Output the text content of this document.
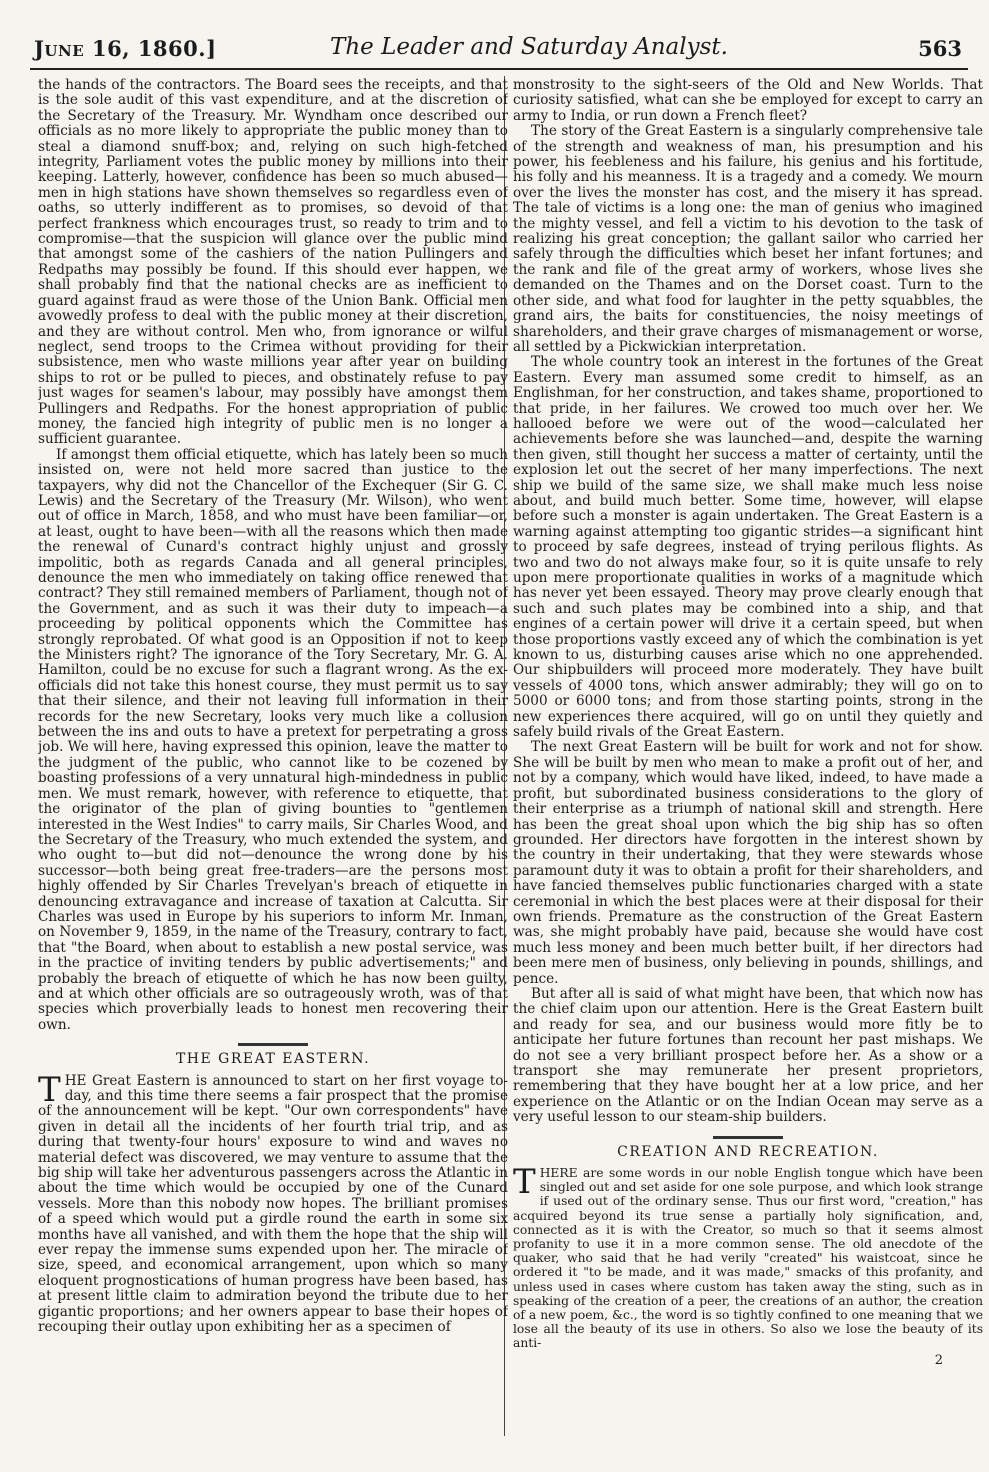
June 16, 1860.]	The Leader and Saturday Analyst.	563

the hands of the contractors. The Board sees the receipts, and that is the sole audit of this vast expenditure, and at the discretion of the Secretary of the Treasury. Mr. Wyndham once described our officials as no more likely to appropriate the public money than to steal a diamond snuff-box; and, relying on such high-fetched integrity, Parliament votes the public money by millions into their keeping. Latterly, however, confidence has been so much abused—men in high stations have shown themselves so regardless even of oaths, so utterly indifferent as to promises, so devoid of that perfect frankness which encourages trust, so ready to trim and to compromise—that the suspicion will glance over the public mind that amongst some of the cashiers of the nation Pullingers and Redpaths may possibly be found. If this should ever happen, we shall probably find that the national checks are as inefficient to guard against fraud as were those of the Union Bank. Official men avowedly profess to deal with the public money at their discretion, and they are without control. Men who, from ignorance or wilful neglect, send troops to the Crimea without providing for their subsistence, men who waste millions year after year on building ships to rot or be pulled to pieces, and obstinately refuse to pay just wages for seamen's labour, may possibly have amongst them Pullingers and Redpaths. For the honest appropriation of public money, the fancied high integrity of public men is no longer a sufficient guarantee.

If amongst them official etiquette, which has lately been so much insisted on, were not held more sacred than justice to the taxpayers, why did not the Chancellor of the Exchequer (Sir G. C. Lewis) and the Secretary of the Treasury (Mr. Wilson), who went out of office in March, 1858, and who must have been familiar—or, at least, ought to have been—with all the reasons which then made the renewal of Cunard's contract highly unjust and grossly impolitic, both as regards Canada and all general principles, denounce the men who immediately on taking office renewed that contract? They still remained members of Parliament, though not of the Government, and as such it was their duty to impeach—a proceeding by political opponents which the Committee has strongly reprobated. Of what good is an Opposition if not to keep the Ministers right? The ignorance of the Tory Secretary, Mr. G. A. Hamilton, could be no excuse for such a flagrant wrong. As the ex-officials did not take this honest course, they must permit us to say that their silence, and their not leaving full information in their records for the new Secretary, looks very much like a collusion between the ins and outs to have a pretext for perpetrating a gross job. We will here, having expressed this opinion, leave the matter to the judgment of the public, who cannot like to be cozened by boasting professions of a very unnatural high-mindedness in public men. We must remark, however, with reference to etiquette, that the originator of the plan of giving bounties to "gentlemen interested in the West Indies" to carry mails, Sir Charles Wood, and the Secretary of the Treasury, who much extended the system, and who ought to—but did not—denounce the wrong done by his successor—both being great free-traders—are the persons most highly offended by Sir Charles Trevelyan's breach of etiquette in denouncing extravagance and increase of taxation at Calcutta. Sir Charles was used in Europe by his superiors to inform Mr. Inman, on November 9, 1859, in the name of the Treasury, contrary to fact, that "the Board, when about to establish a new postal service, was in the practice of inviting tenders by public advertisements;" and probably the breach of etiquette of which he has now been guilty, and at which other officials are so outrageously wroth, was of that species which proverbially leads to honest men recovering their own.

THE GREAT EASTERN.

THE Great Eastern is announced to start on her first voyage to-day, and this time there seems a fair prospect that the promise of the announcement will be kept. "Our own correspondents" have given in detail all the incidents of her fourth trial trip, and as during that twenty-four hours' exposure to wind and waves no material defect was discovered, we may venture to assume that the big ship will take her adventurous passengers across the Atlantic in about the time which would be occupied by one of the Cunard vessels. More than this nobody now hopes. The brilliant promises of a speed which would put a girdle round the earth in some six months have all vanished, and with them the hope that the ship will ever repay the immense sums expended upon her. The miracle of size, speed, and economical arrangement, upon which so many eloquent prognostications of human progress have been based, has at present little claim to admiration beyond the tribute due to her gigantic proportions; and her owners appear to base their hopes of recouping their outlay upon exhibiting her as a specimen of

monstrosity to the sight-seers of the Old and New Worlds. That curiosity satisfied, what can she be employed for except to carry an army to India, or run down a French fleet?

The story of the Great Eastern is a singularly comprehensive tale of the strength and weakness of man, his presumption and his power, his feebleness and his failure, his genius and his fortitude, his folly and his meanness. It is a tragedy and a comedy. We mourn over the lives the monster has cost, and the misery it has spread. The tale of victims is a long one: the man of genius who imagined the mighty vessel, and fell a victim to his devotion to the task of realizing his great conception; the gallant sailor who carried her safely through the difficulties which beset her infant fortunes; and the rank and file of the great army of workers, whose lives she demanded on the Thames and on the Dorset coast. Turn to the other side, and what food for laughter in the petty squabbles, the grand airs, the baits for constituencies, the noisy meetings of shareholders, and their grave charges of mismanagement or worse, all settled by a Pickwickian interpretation.

The whole country took an interest in the fortunes of the Great Eastern. Every man assumed some credit to himself, as an Englishman, for her construction, and takes shame, proportioned to that pride, in her failures. We crowed too much over her. We hallooed before we were out of the wood—calculated her achievements before she was launched—and, despite the warning then given, still thought her success a matter of certainty, until the explosion let out the secret of her many imperfections. The next ship we build of the same size, we shall make much less noise about, and build much better. Some time, however, will elapse before such a monster is again undertaken. The Great Eastern is a warning against attempting too gigantic strides—a significant hint to proceed by safe degrees, instead of trying perilous flights. As two and two do not always make four, so it is quite unsafe to rely upon mere proportionate qualities in works of a magnitude which has never yet been essayed. Theory may prove clearly enough that such and such plates may be combined into a ship, and that engines of a certain power will drive it a certain speed, but when those proportions vastly exceed any of which the combination is yet known to us, disturbing causes arise which no one apprehended. Our shipbuilders will proceed more moderately. They have built vessels of 4000 tons, which answer admirably; they will go on to 5000 or 6000 tons; and from those starting points, strong in the new experiences there acquired, will go on until they quietly and safely build rivals of the Great Eastern.

The next Great Eastern will be built for work and not for show. She will be built by men who mean to make a profit out of her, and not by a company, which would have liked, indeed, to have made a profit, but subordinated business considerations to the glory of their enterprise as a triumph of national skill and strength. Here has been the great shoal upon which the big ship has so often grounded. Her directors have forgotten in the interest shown by the country in their undertaking, that they were stewards whose paramount duty it was to obtain a profit for their shareholders, and have fancied themselves public functionaries charged with a state ceremonial in which the best places were at their disposal for their own friends. Premature as the construction of the Great Eastern was, she might probably have paid, because she would have cost much less money and been much better built, if her directors had been mere men of business, only believing in pounds, shillings, and pence.

But after all is said of what might have been, that which now has the chief claim upon our attention. Here is the Great Eastern built and ready for sea, and our business would more fitly be to anticipate her future fortunes than recount her past mishaps. We do not see a very brilliant prospect before her. As a show or a transport she may remunerate her present proprietors, remembering that they have bought her at a low price, and her experience on the Atlantic or on the Indian Ocean may serve as a very useful lesson to our steam-ship builders.

CREATION AND RECREATION.

THERE are some words in our noble English tongue which have been singled out and set aside for one sole purpose, and which look strange if used out of the ordinary sense. Thus our first word, "creation," has acquired beyond its true sense a partially holy signification, and, connected as it is with the Creator, so much so that it seems almost profanity to use it in a more common sense. The old anecdote of the quaker, who said that he had verily "created" his waistcoat, since he ordered it "to be made, and it was made," smacks of this profanity, and unless used in cases where custom has taken away the sting, such as in speaking of the creation of a peer, the creations of an author, the creation of a new poem, &c., the word is so tightly confined to one meaning that we lose all the beauty of its use in others. So also we lose the beauty of its anti-

2
